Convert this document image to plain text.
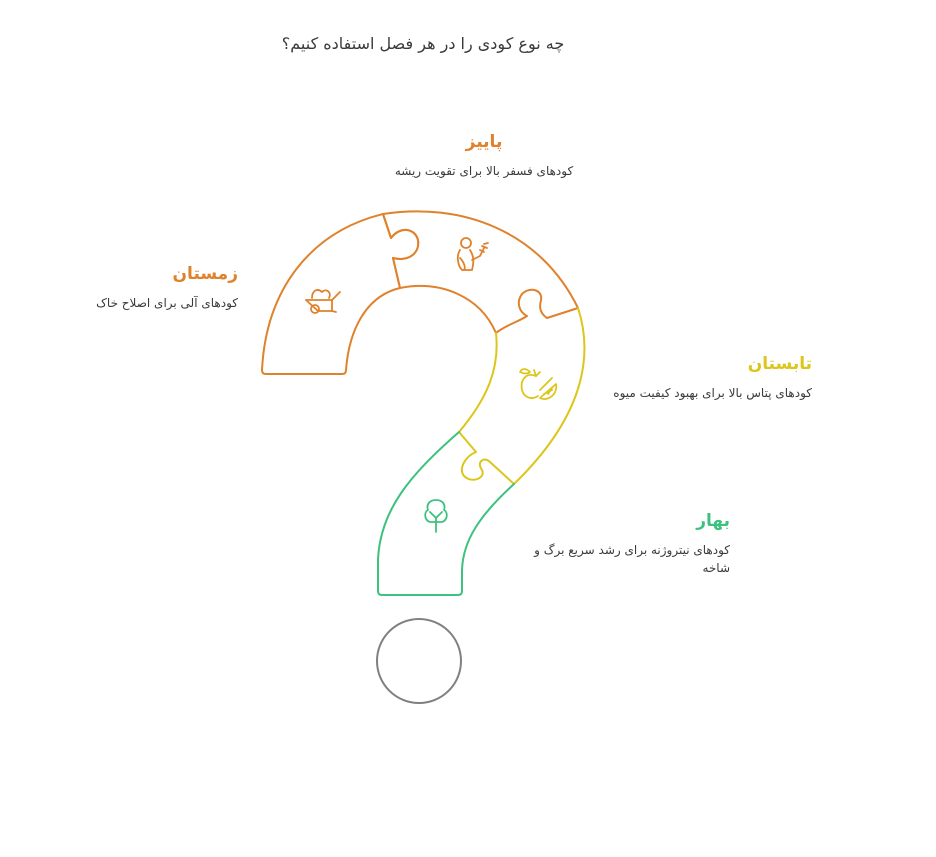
چه نوع کودی را در هر فصل استفاده کنیم؟
پاییز
کودهای فسفر بالا برای تقویت ریشه
زمستان
کودهای آلی برای اصلاح خاک
تابستان
کودهای پتاس بالا برای بهبود کیفیت میوه
بهار
کودهای نیتروژنه برای رشد سریع برگ و شاخه
